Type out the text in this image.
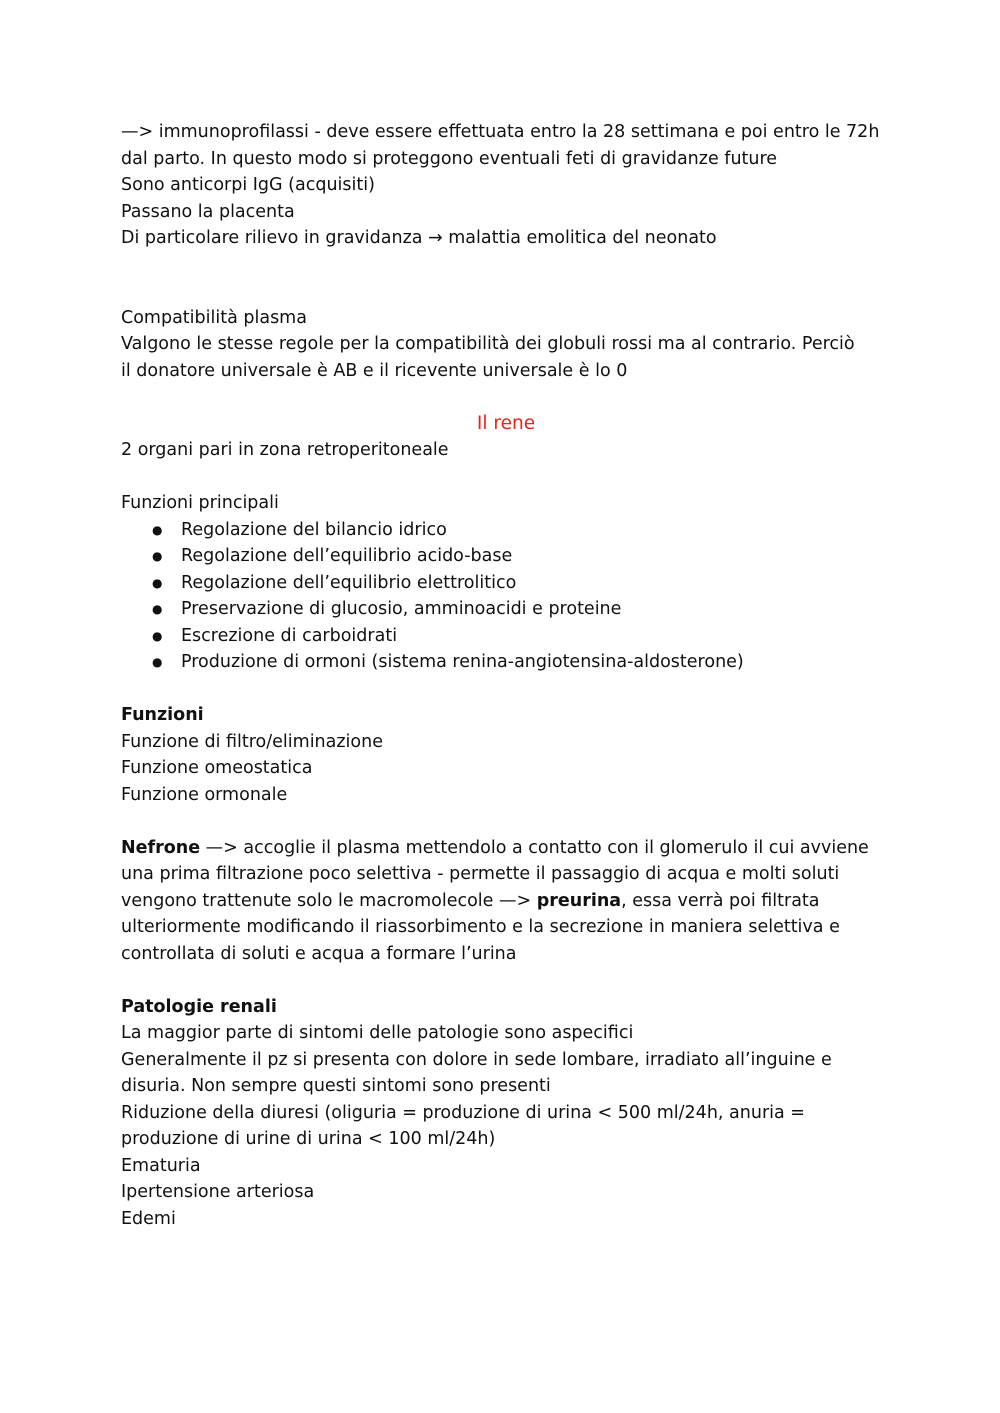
—> immunoprofilassi - deve essere effettuata entro la 28 settimana e poi entro le 72h
dal parto. In questo modo si proteggono eventuali feti di gravidanze future
Sono anticorpi IgG (acquisiti)
Passano la placenta
Di particolare rilievo in gravidanza → malattia emolitica del neonato
Compatibilità plasma
Valgono le stesse regole per la compatibilità dei globuli rossi ma al contrario. Perciò
il donatore universale è AB e il ricevente universale è lo 0
Il rene
2 organi pari in zona retroperitoneale
Funzioni principali
● Regolazione del bilancio idrico
● Regolazione dell’equilibrio acido-base
● Regolazione dell’equilibrio elettrolitico
● Preservazione di glucosio, amminoacidi e proteine
● Escrezione di carboidrati
● Produzione di ormoni (sistema renina-angiotensina-aldosterone)
Funzioni
Funzione di filtro/eliminazione
Funzione omeostatica
Funzione ormonale
Nefrone —> accoglie il plasma mettendolo a contatto con il glomerulo il cui avviene
una prima filtrazione poco selettiva - permette il passaggio di acqua e molti soluti
vengono trattenute solo le macromolecole —> preurina, essa verrà poi filtrata
ulteriormente modificando il riassorbimento e la secrezione in maniera selettiva e
controllata di soluti e acqua a formare l’urina
Patologie renali
La maggior parte di sintomi delle patologie sono aspecifici
Generalmente il pz si presenta con dolore in sede lombare, irradiato all’inguine e
disuria. Non sempre questi sintomi sono presenti
Riduzione della diuresi (oliguria = produzione di urina < 500 ml/24h, anuria =
produzione di urine di urina < 100 ml/24h)
Ematuria
Ipertensione arteriosa
Edemi
